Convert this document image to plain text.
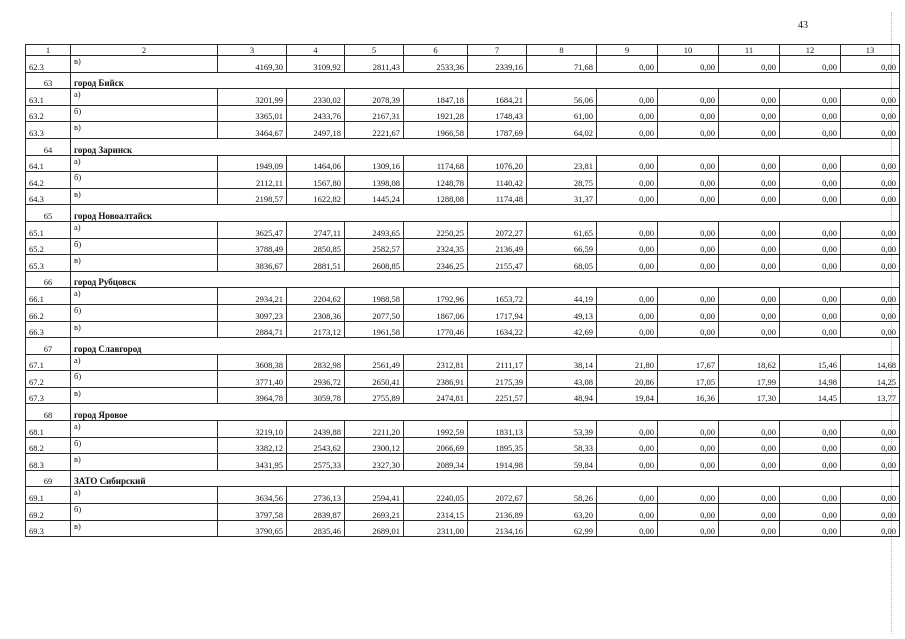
43
1	2	3	4	5	6	7	8	9	10	11	12	13
62.3	в)	4169,30	3109,92	2811,43	2533,36	2339,16	71,68	0,00	0,00	0,00	0,00	0,00
63	город Бийск											
63.1	а)	3201,99	2330,02	2078,39	1847,18	1684,21	56,06	0,00	0,00	0,00	0,00	0,00
63.2	б)	3365,01	2433,76	2167,31	1921,28	1748,43	61,00	0,00	0,00	0,00	0,00	0,00
63.3	в)	3464,67	2497,18	2221,67	1966,58	1787,69	64,02	0,00	0,00	0,00	0,00	0,00
64	город Заринск											
64.1	а)	1949,09	1464,06	1309,16	1174,68	1076,20	23,81	0,00	0,00	0,00	0,00	0,00
64.2	б)	2112,11	1567,80	1398,08	1248,78	1140,42	28,75	0,00	0,00	0,00	0,00	0,00
64.3	в)	2198,57	1622,82	1445,24	1288,08	1174,48	31,37	0,00	0,00	0,00	0,00	0,00
65	город Новоалтайск											
65.1	а)	3625,47	2747,11	2493,65	2250,25	2072,27	61,65	0,00	0,00	0,00	0,00	0,00
65.2	б)	3788,49	2850,85	2582,57	2324,35	2136,49	66,59	0,00	0,00	0,00	0,00	0,00
65.3	в)	3836,67	2881,51	2608,85	2346,25	2155,47	68,05	0,00	0,00	0,00	0,00	0,00
66	город Рубцовск											
66.1	а)	2934,21	2204,62	1988,58	1792,96	1653,72	44,19	0,00	0,00	0,00	0,00	0,00
66.2	б)	3097,23	2308,36	2077,50	1867,06	1717,94	49,13	0,00	0,00	0,00	0,00	0,00
66.3	в)	2884,71	2173,12	1961,58	1770,46	1634,22	42,69	0,00	0,00	0,00	0,00	0,00
67	город Славгород											
67.1	а)	3608,38	2832,98	2561,49	2312,81	2111,17	38,14	21,80	17,67	18,62	15,46	14,68
67.2	б)	3771,40	2936,72	2650,41	2386,91	2175,39	43,08	20,86	17,05	17,99	14,98	14,25
67.3	в)	3964,78	3059,78	2755,89	2474,81	2251,57	48,94	19,84	16,36	17,30	14,45	13,77
68	город Яровое											
68.1	а)	3219,10	2439,88	2211,20	1992,59	1831,13	53,39	0,00	0,00	0,00	0,00	0,00
68.2	б)	3382,12	2543,62	2300,12	2066,69	1895,35	58,33	0,00	0,00	0,00	0,00	0,00
68.3	в)	3431,95	2575,33	2327,30	2089,34	1914,98	59,84	0,00	0,00	0,00	0,00	0,00
69	ЗАТО Сибирский											
69.1	а)	3634,56	2736,13	2594,41	2240,05	2072,67	58,26	0,00	0,00	0,00	0,00	0,00
69.2	б)	3797,58	2839,87	2693,21	2314,15	2136,89	63,20	0,00	0,00	0,00	0,00	0,00
69.3	в)	3790,65	2835,46	2689,01	2311,00	2134,16	62,99	0,00	0,00	0,00	0,00	0,00
